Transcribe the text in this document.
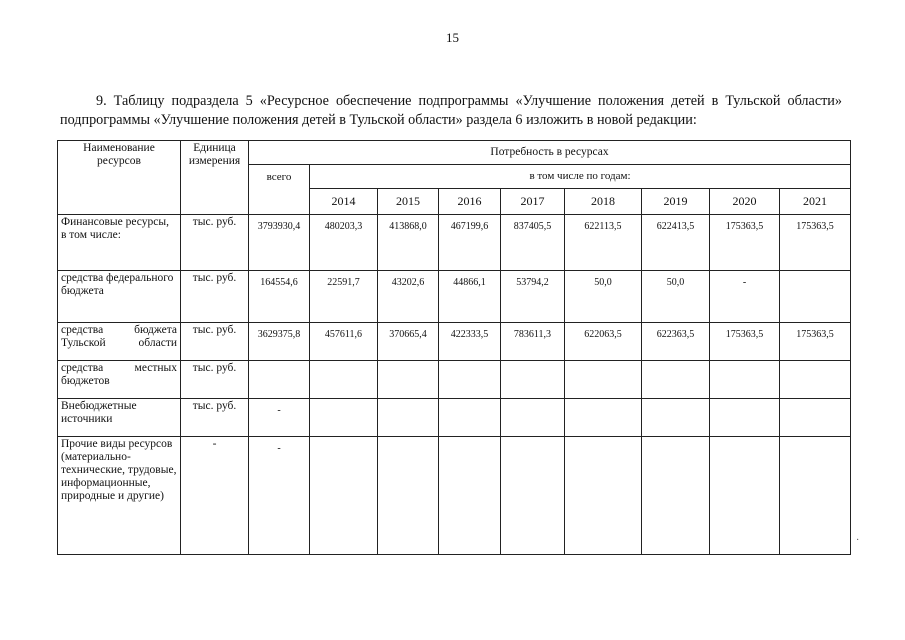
15
9. Таблицу подраздела 5 «Ресурсное обеспечение подпрограммы «Улучшение положения детей в Тульской области» подпрограммы «Улучшение положения детей в Тульской области» раздела 6 изложить в новой редакции:
Наименование ресурсов	Единица измерения	Потребность в ресурсах								
		всего	в том числе по годам:							
			2014	2015	2016	2017	2018	2019	2020	2021
Финансовые ресурсы, в том числе:	тыс. руб.	3793930,4	480203,3	413868,0	467199,6	837405,5	622113,5	622413,5	175363,5	175363,5
средства федерального бюджета	тыс. руб.	164554,6	22591,7	43202,6	44866,1	53794,2	50,0	50,0	-	
средства бюджета Тульской области	тыс. руб.	3629375,8	457611,6	370665,4	422333,5	783611,3	622063,5	622363,5	175363,5	175363,5
средства местных бюджетов	тыс. руб.									
Внебюджетные источники	тыс. руб.	-								
Прочие виды ресурсов (материально-технические, трудовые, информационные, природные и другие)	-	-								
·
